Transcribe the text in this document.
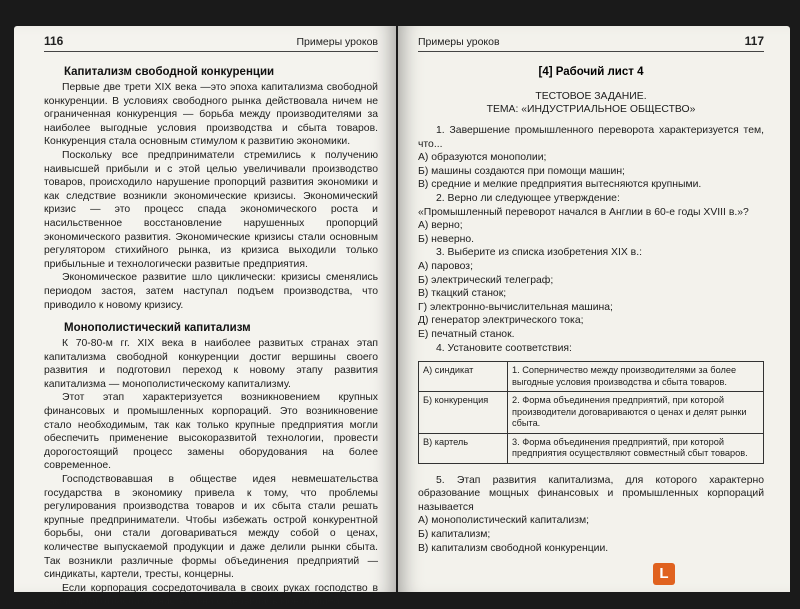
116	Примеры уроков
Капитализм свободной конкуренции

Первые две трети XIX века —это эпоха капитализма свободной конкуренции. В условиях свободного рынка действовала ничем не ограниченная конкуренция — борьба между производителями за наиболее выгодные условия производства и сбыта товаров. Конкуренция стала основным стимулом к развитию экономики.

Поскольку все предприниматели стремились к получению наивысшей прибыли и с этой целью увеличивали производство товаров, происходило нарушение пропорций развития экономики и как следствие возникли экономические кризисы. Экономический кризис — это процесс спада экономического роста и насильственное восстановление нарушенных пропорций экономического развития. Экономические кризисы стали основным регулятором стихийного рынка, из кризиса выходили только прибыльные и технологически развитые предприятия.

Экономическое развитие шло циклически: кризисы сменялись периодом застоя, затем наступал подъем производства, что приводило к новому кризису.

Монополистический капитализм

К 70-80-м гг. XIX века в наиболее развитых странах этап капитализма свободной конкуренции достиг вершины своего развития и подготовил переход к новому этапу развития капитализма — монополистическому капитализму.

Этот этап характеризуется возникновением крупных финансовых и промышленных корпораций. Это возникновение стало необходимым, так как только крупные предприятия могли обеспечить применение высокоразвитой технологии, провести дорогостоящий процесс замены оборудования на более современное.

Господствовавшая в обществе идея невмешательства государства в экономику привела к тому, что проблемы регулирования производства товаров и их сбыта стали решать крупные предприниматели. Чтобы избежать острой конкурентной борьбы, они стали договариваться между собой о ценах, количестве выпускаемой продукции и даже делили рынки сбыта. Так возникли различные формы объединения предприятий — синдикаты, картели, тресты, концерны.

Если корпорация сосредоточивала в своих руках господство в какой-либо отрасли хозяйства, она становилась монополией.

Примеры уроков	117
[4] Рабочий лист 4
ТЕСТОВОЕ ЗАДАНИЕ.
ТЕМА: «ИНДУСТРИАЛЬНОЕ ОБЩЕСТВО»

1. Завершение промышленного переворота характеризуется тем, что...

А) образуются монополии;
Б) машины создаются при помощи машин;
В) средние и мелкие предприятия вытесняются крупными.

2. Верно ли следующее утверждение:

«Промышленный переворот начался в Англии в 60-е годы XVIII в.»?
А) верно;
Б) неверно.

3. Выберите из списка изобретения XIX в.:

А) паровоз;
Б) электрический телеграф;
В) ткацкий станок;
Г) электронно-вычислительная машина;
Д) генератор электрического тока;
Е) печатный станок.

4. Установите соответствия:

А) синдикат	1. Соперничество между производителями за более выгодные условия производства и сбыта товаров.
Б) конкуренция	2. Форма объединения предприятий, при которой производители договариваются о ценах и делят рынки сбыта.
В) картель	3. Форма объединения предприятий, при которой предприятия осуществляют совместный сбыт товаров.

5. Этап развития капитализма, для которого характерно образование мощных финансовых и промышленных корпораций называется

А) монополистический капитализм;
Б) капитализм;
В) капитализм свободной конкуренции.
L
